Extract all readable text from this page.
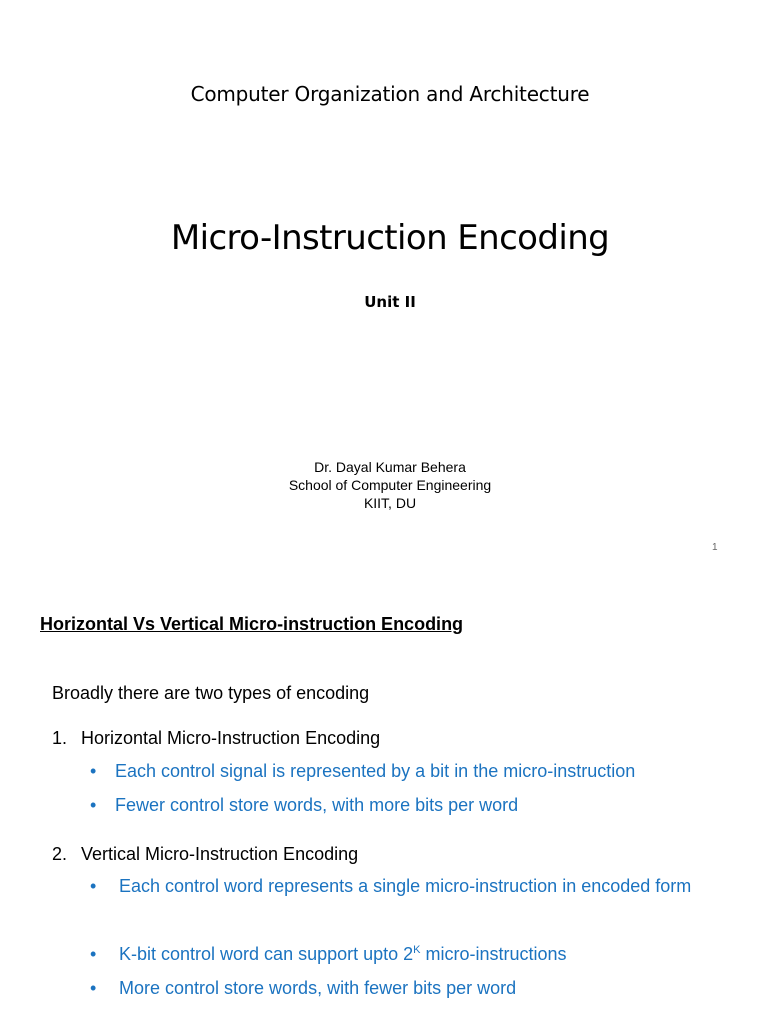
Computer Organization and Architecture
Micro-Instruction Encoding
Unit II
Dr. Dayal Kumar Behera
School of Computer Engineering
KIIT, DU
1
Horizontal Vs Vertical Micro-instruction Encoding
Broadly there are two types of encoding
1. Horizontal Micro-Instruction Encoding
•	Each control signal is represented by a bit in the micro-instruction
•	Fewer control store words, with more bits per word
2. Vertical Micro-Instruction Encoding
•	Each control word represents a single micro-instruction in encoded form
•	K-bit control word can support upto $2^K$ micro-instructions
•	More control store words, with fewer bits per word
